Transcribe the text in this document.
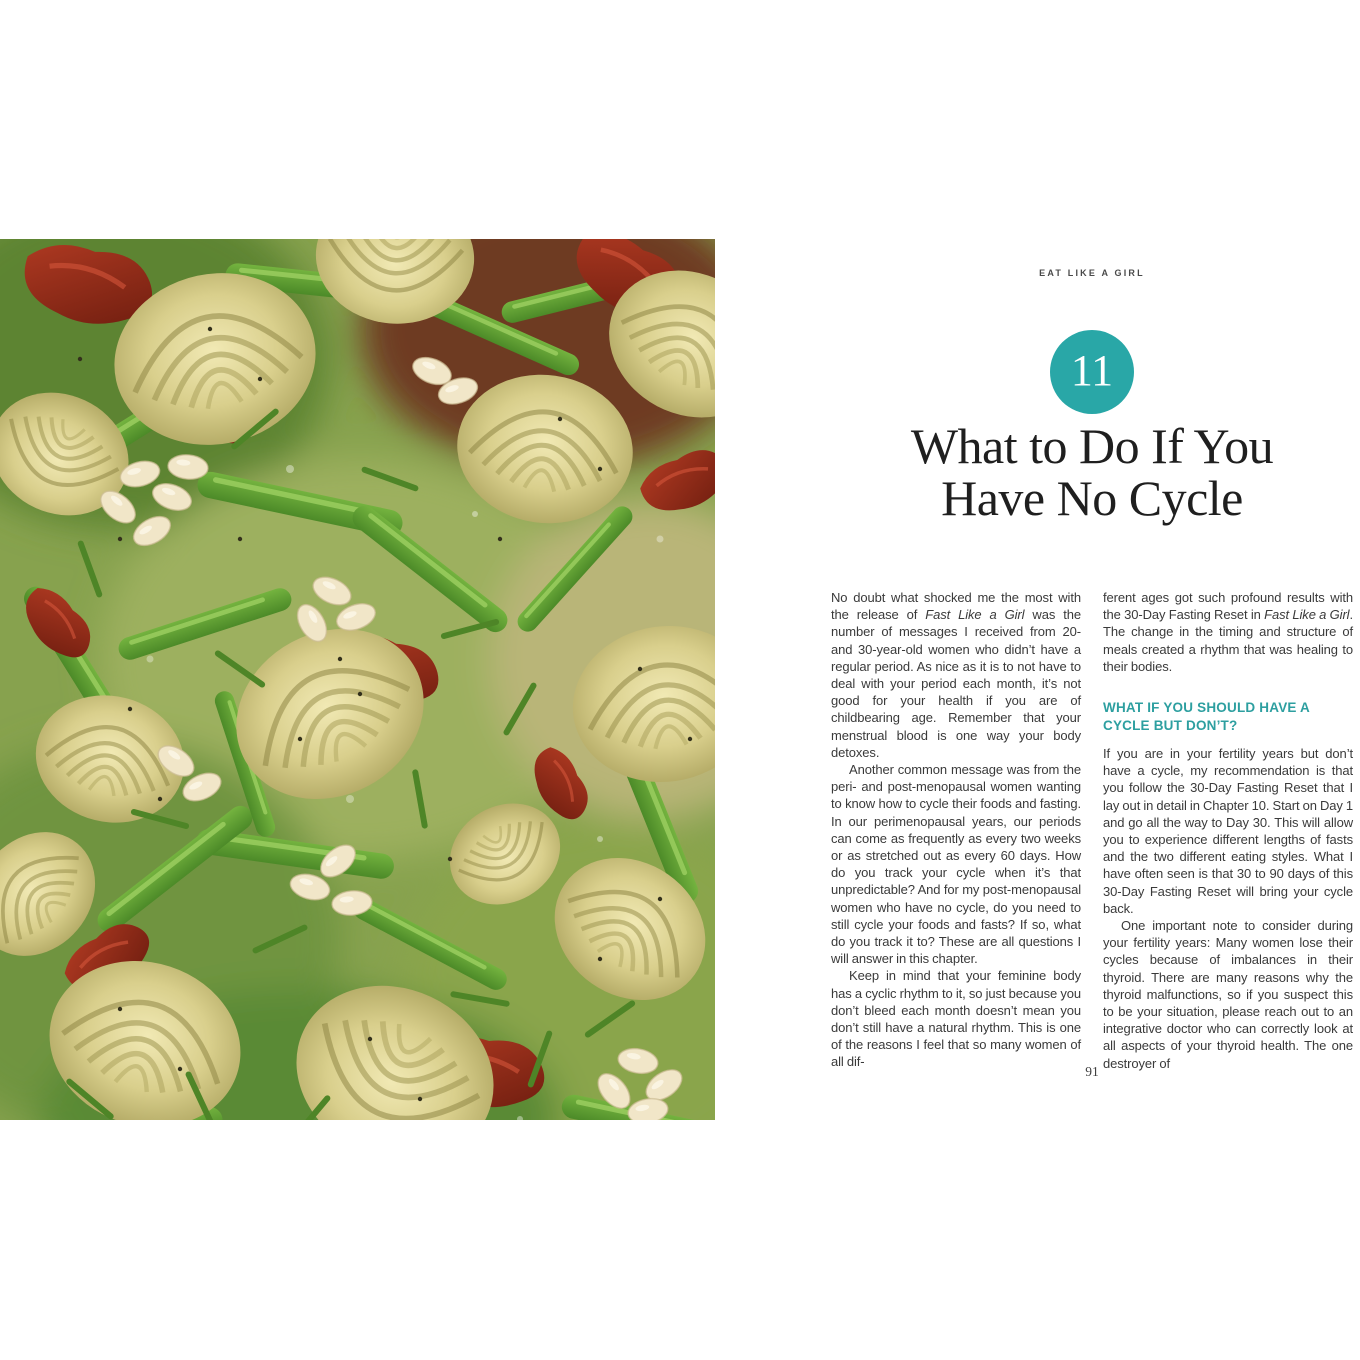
EAT LIKE A GIRL
11
What to Do If You
Have No Cycle

No doubt what shocked me the most with the release of Fast Like a Girl was the number of messages I received from 20- and 30-year-old women who didn’t have a regular period. As nice as it is to not have to deal with your period each month, it’s not good for your health if you are of childbearing age. Remember that your menstrual blood is one way your body detoxes.

Another common message was from the peri- and post-menopausal women wanting to know how to cycle their foods and fasting. In our perimenopausal years, our periods can come as frequently as every two weeks or as stretched out as every 60 days. How do you track your cycle when it’s that unpredictable? And for my post-menopausal women who have no cycle, do you need to still cycle your foods and fasts? If so, what do you track it to? These are all questions I will answer in this chapter.

Keep in mind that your feminine body has a cyclic rhythm to it, so just because you don’t bleed each month doesn’t mean you don’t still have a natural rhythm. This is one of the reasons I feel that so many women of all dif-

ferent ages got such profound results with the 30-Day Fasting Reset in Fast Like a Girl. The change in the timing and structure of meals created a rhythm that was healing to their bodies.

WHAT IF YOU SHOULD HAVE A CYCLE BUT DON’T?

If you are in your fertility years but don’t have a cycle, my recommendation is that you follow the 30-Day Fasting Reset that I lay out in detail in Chapter 10. Start on Day 1 and go all the way to Day 30. This will allow you to experience different lengths of fasts and the two different eating styles. What I have often seen is that 30 to 90 days of this 30-Day Fasting Reset will bring your cycle back.

One important note to consider during your fertility years: Many women lose their cycles because of imbalances in their thyroid. There are many reasons why the thyroid malfunctions, so if you suspect this to be your situation, please reach out to an integrative doctor who can correctly look at all aspects of your thyroid health. The one destroyer of

91
